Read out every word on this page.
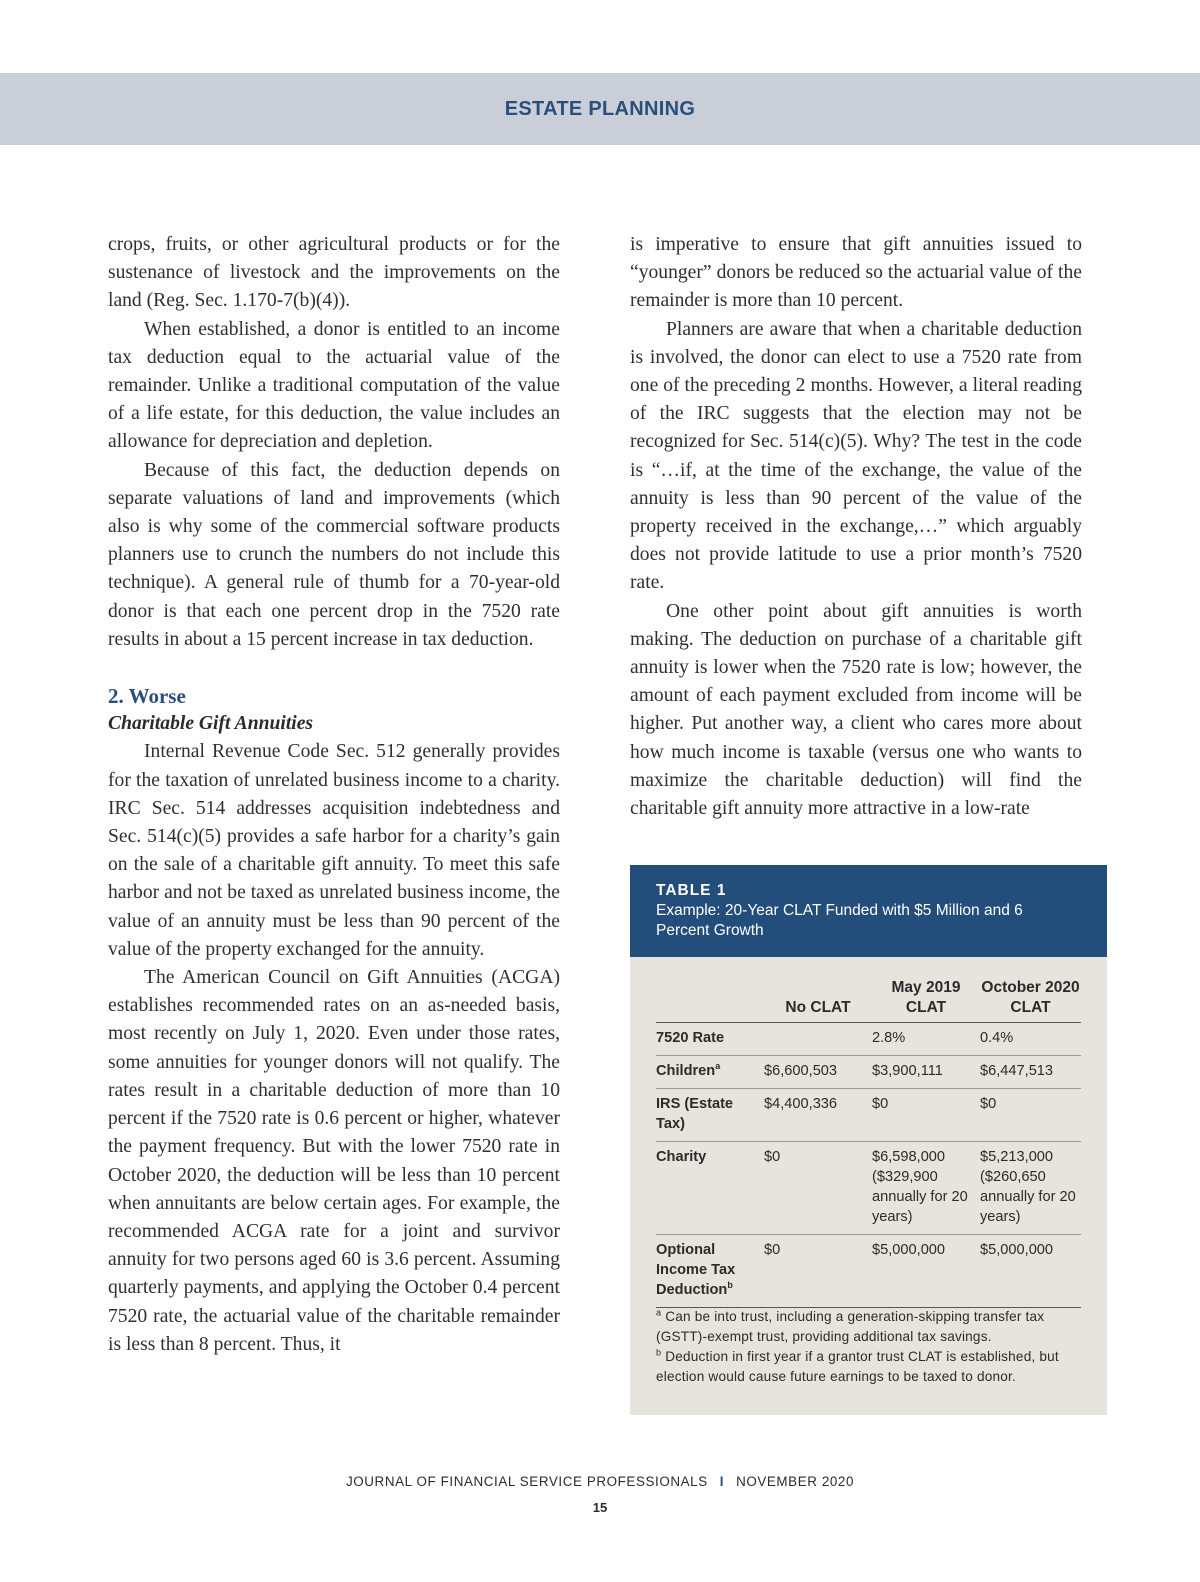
ESTATE PLANNING

crops, fruits, or other agricultural products or for the sustenance of livestock and the improvements on the land (Reg. Sec. 1.170-7(b)(4)).

When established, a donor is entitled to an income tax deduction equal to the actuarial value of the remainder. Unlike a traditional computation of the value of a life estate, for this deduction, the value includes an allowance for depreciation and depletion.

Because of this fact, the deduction depends on separate valuations of land and improvements (which also is why some of the commercial software products planners use to crunch the numbers do not include this technique). A general rule of thumb for a 70-year-old donor is that each one percent drop in the 7520 rate results in about a 15 percent increase in tax deduction.

2. Worse

Charitable Gift Annuities

Internal Revenue Code Sec. 512 generally provides for the taxation of unrelated business income to a charity. IRC Sec. 514 addresses acquisition indebtedness and Sec. 514(c)(5) provides a safe harbor for a charity’s gain on the sale of a charitable gift annuity. To meet this safe harbor and not be taxed as unrelated business income, the value of an annuity must be less than 90 percent of the value of the property exchanged for the annuity.

The American Council on Gift Annuities (ACGA) establishes recommended rates on an as-needed basis, most recently on July 1, 2020. Even under those rates, some annuities for younger donors will not qualify. The rates result in a charitable deduction of more than 10 percent if the 7520 rate is 0.6 percent or higher, whatever the payment frequency. But with the lower 7520 rate in October 2020, the deduction will be less than 10 percent when annuitants are below certain ages. For example, the recommended ACGA rate for a joint and survivor annuity for two persons aged 60 is 3.6 percent. Assuming quarterly payments, and applying the October 0.4 percent 7520 rate, the actuarial value of the charitable remainder is less than 8 percent. Thus, it

is imperative to ensure that gift annuities issued to “younger” donors be reduced so the actuarial value of the remainder is more than 10 percent.

Planners are aware that when a charitable deduction is involved, the donor can elect to use a 7520 rate from one of the preceding 2 months. However, a literal reading of the IRC suggests that the election may not be recognized for Sec. 514(c)(5). Why? The test in the code is “…if, at the time of the exchange, the value of the annuity is less than 90 percent of the value of the property received in the exchange,…” which arguably does not provide latitude to use a prior month’s 7520 rate.

One other point about gift annuities is worth making. The deduction on purchase of a charitable gift annuity is lower when the 7520 rate is low; however, the amount of each payment excluded from income will be higher. Put another way, a client who cares more about how much income is taxable (versus one who wants to maximize the charitable deduction) will find the charitable gift annuity more attractive in a low-rate

TABLE 1
Example: 20-Year CLAT Funded with $5 Million and 6 Percent Growth
	No CLAT	May 2019 CLAT	October 2020 CLAT
7520 Rate		2.8%	0.4%
Children$^a$	$6,600,503	$3,900,111	$6,447,513
IRS (Estate Tax)	$4,400,336	$0	$0
Charity	$0	$6,598,000 ($329,900 annually for 20 years)	$5,213,000 ($260,650 annually for 20 years)
Optional Income Tax Deduction$^b$	$0	$5,000,000	$5,000,000

$^a$ Can be into trust, including a generation-skipping transfer tax (GSTT)-exempt trust, providing additional tax savings.

$^b$ Deduction in first year if a grantor trust CLAT is established, but election would cause future earnings to be taxed to donor.

JOURNAL OF FINANCIAL SERVICE PROFESSIONALS I NOVEMBER 2020
15
